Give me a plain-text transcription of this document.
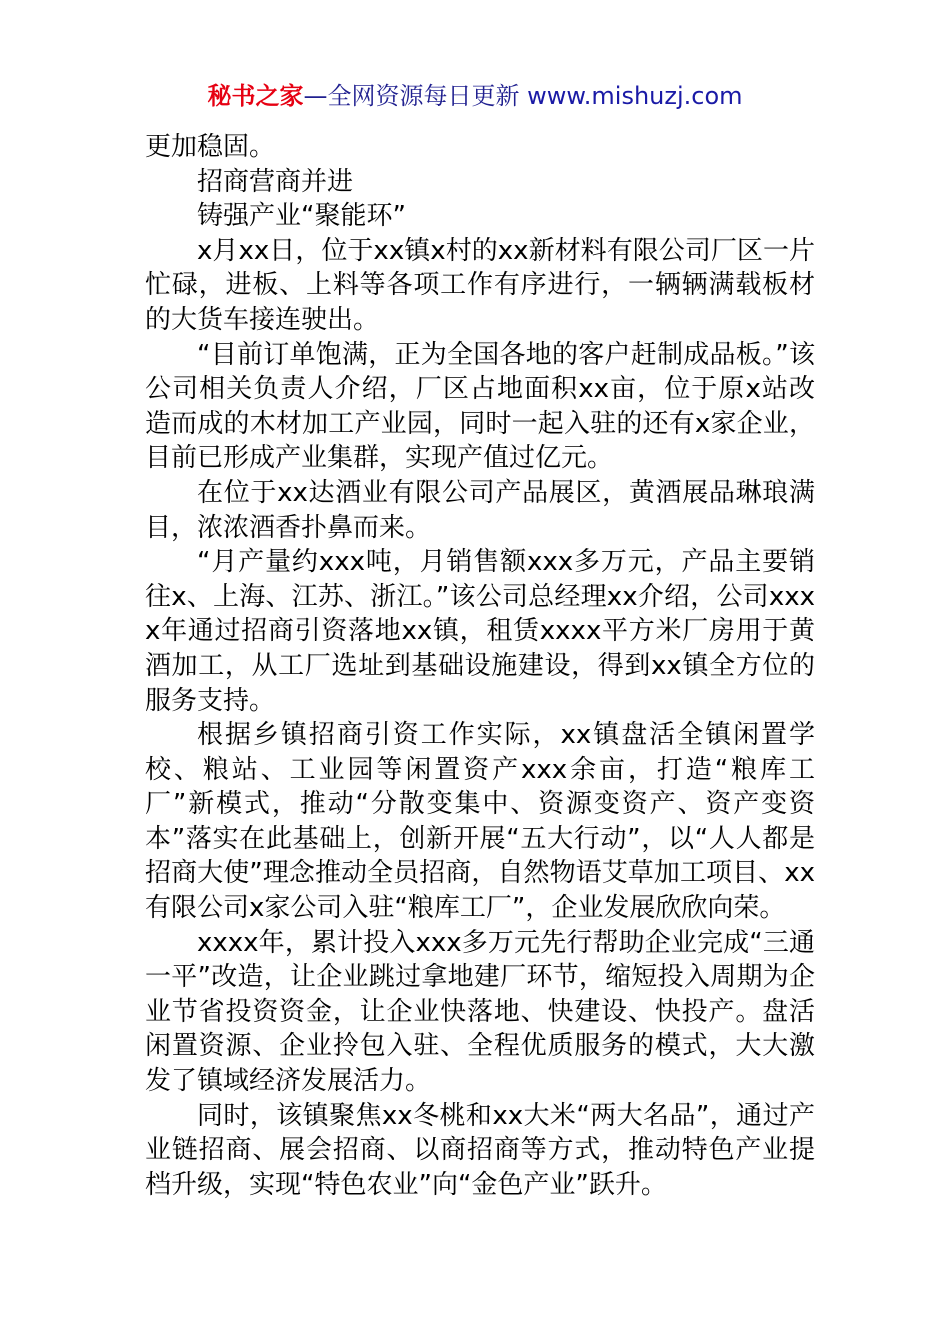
秘书之家—全网资源每日更新 www.mishuzj.com

更加稳固。

招商营商并进

铸强产业“聚能环”

x月xx日，位于xx镇x村的xx新材料有限公司厂区一片忙碌，进板、上料等各项工作有序进行，一辆辆满载板材的大货车接连驶出。

“目前订单饱满，正为全国各地的客户赶制成品板。”该公司相关负责人介绍，厂区占地面积xx亩，位于原x站改造而成的木材加工产业园，同时一起入驻的还有x家企业，目前已形成产业集群，实现产值过亿元。

在位于xx达酒业有限公司产品展区，黄酒展品琳琅满目，浓浓酒香扑鼻而来。

“月产量约xxx吨，月销售额xxx多万元，产品主要销往x、上海、江苏、浙江。”该公司总经理xx介绍，公司xxxx年通过招商引资落地xx镇，租赁xxxx平方米厂房用于黄酒加工，从工厂选址到基础设施建设，得到xx镇全方位的服务支持。

根据乡镇招商引资工作实际，xx镇盘活全镇闲置学校、粮站、工业园等闲置资产xxx余亩，打造“粮库工厂”新模式，推动“分散变集中、资源变资产、资产变资本”落实在此基础上，创新开展“五大行动”，以“人人都是招商大使”理念推动全员招商，自然物语艾草加工项目、xx有限公司x家公司入驻“粮库工厂”，企业发展欣欣向荣。

xxxx年，累计投入xxx多万元先行帮助企业完成“三通一平”改造，让企业跳过拿地建厂环节，缩短投入周期为企业节省投资资金，让企业快落地、快建设、快投产。盘活闲置资源、企业拎包入驻、全程优质服务的模式，大大激发了镇域经济发展活力。

同时，该镇聚焦xx冬桃和xx大米“两大名品”，通过产业链招商、展会招商、以商招商等方式，推动特色产业提档升级，实现“特色农业”向“金色产业”跃升。
